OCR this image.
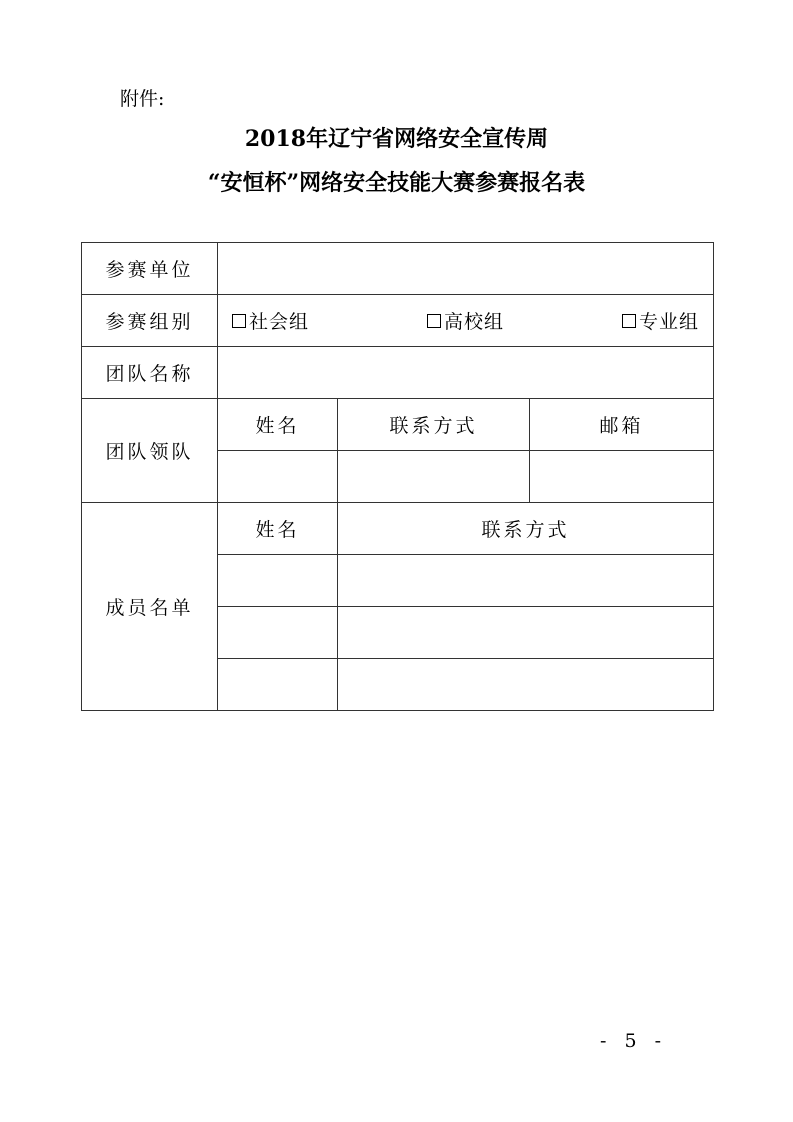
附件:
2018年辽宁省网络安全宣传周
“安恒杯”网络安全技能大赛参赛报名表
参赛单位			
参赛组别	社会组 高校组 专业组		

团队名称			
团队领队	姓名	联系方式	邮箱

成员名单	姓名	联系方式	

- 5 -
